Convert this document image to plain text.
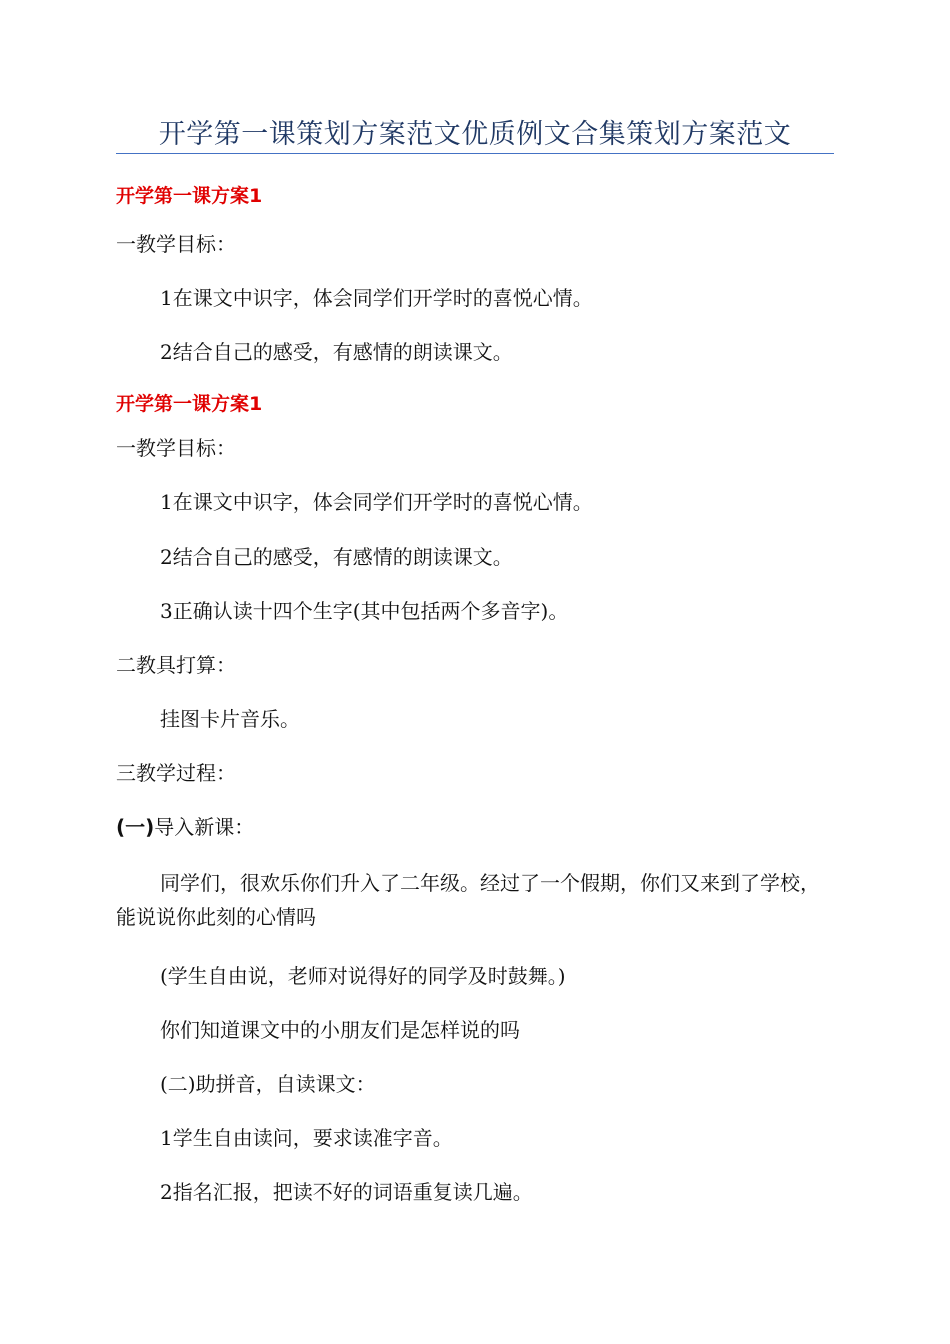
开学第一课策划方案范文优质例文合集策划方案范文
开学第一课方案1
一教学目标：
1在课文中识字，体会同学们开学时的喜悦心情。
2结合自己的感受，有感情的朗读课文。
开学第一课方案1
一教学目标：
1在课文中识字，体会同学们开学时的喜悦心情。
2结合自己的感受，有感情的朗读课文。
3正确认读十四个生字(其中包括两个多音字)。
二教具打算：
挂图卡片音乐。
三教学过程：
(一)导入新课：
同学们，很欢乐你们升入了二年级。经过了一个假期，你们又来到了学校，能说说你此刻的心情吗
(学生自由说，老师对说得好的同学及时鼓舞。)
你们知道课文中的小朋友们是怎样说的吗
(二)助拼音，自读课文：
1学生自由读问，要求读准字音。
2指名汇报，把读不好的词语重复读几遍。
